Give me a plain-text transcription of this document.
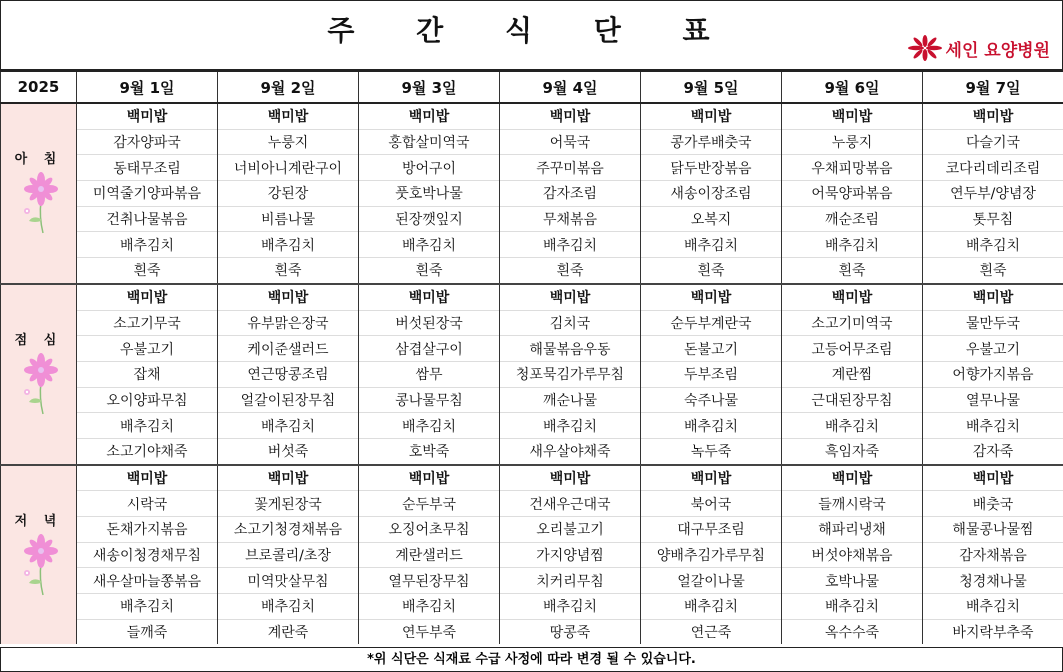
주 간 식 단 표
세인 요양병원
2025	9월 1일	9월 2일	9월 3일	9월 4일	9월 5일	9월 6일	9월 7일

아 침	백미밥	백미밥	백미밥	백미밥	백미밥	백미밥	백미밥
	감자양파국	누룽지	홍합살미역국	어묵국	콩가루배춧국	누룽지	다슬기국
	동태무조림	너비아니계란구이	방어구이	주꾸미볶음	닭두반장볶음	우채피망볶음	코다리데리조림
	미역줄기양파볶음	강된장	풋호박나물	감자조림	새송이장조림	어묵양파볶음	연두부/양념장
	건취나물볶음	비름나물	된장깻잎지	무채볶음	오복지	깨순조림	톳무침
	배추김치	배추김치	배추김치	배추김치	배추김치	배추김치	배추김치
	흰죽	흰죽	흰죽	흰죽	흰죽	흰죽	흰죽

점 심	백미밥	백미밥	백미밥	백미밥	백미밥	백미밥	백미밥
	소고기무국	유부맑은장국	버섯된장국	김치국	순두부계란국	소고기미역국	물만두국
	우불고기	케이준샐러드	삼겹살구이	해물볶음우동	돈불고기	고등어무조림	우불고기
	잡채	연근땅콩조림	쌈무	청포묵김가루무침	두부조림	계란찜	어향가지볶음
	오이양파무침	얼갈이된장무침	콩나물무침	깨순나물	숙주나물	근대된장무침	열무나물
	배추김치	배추김치	배추김치	배추김치	배추김치	배추김치	배추김치
	소고기야채죽	버섯죽	호박죽	새우살야채죽	녹두죽	흑임자죽	감자죽

저 녁	백미밥	백미밥	백미밥	백미밥	백미밥	백미밥	백미밥
	시락국	꽃게된장국	순두부국	건새우근대국	북어국	들깨시락국	배춧국
	돈채가지볶음	소고기청경채볶음	오징어초무침	오리불고기	대구무조림	해파리냉채	해물콩나물찜
	새송이청경채무침	브로콜리/초장	계란샐러드	가지양념찜	양배추김가루무침	버섯야채볶음	감자채볶음
	새우살마늘쫑볶음	미역맛살무침	열무된장무침	치커리무침	얼갈이나물	호박나물	청경채나물
	배추김치	배추김치	배추김치	배추김치	배추김치	배추김치	배추김치
	들깨죽	계란죽	연두부죽	땅콩죽	연근죽	옥수수죽	바지락부추죽
*위 식단은 식재료 수급 사정에 따라 변경 될 수 있습니다.
